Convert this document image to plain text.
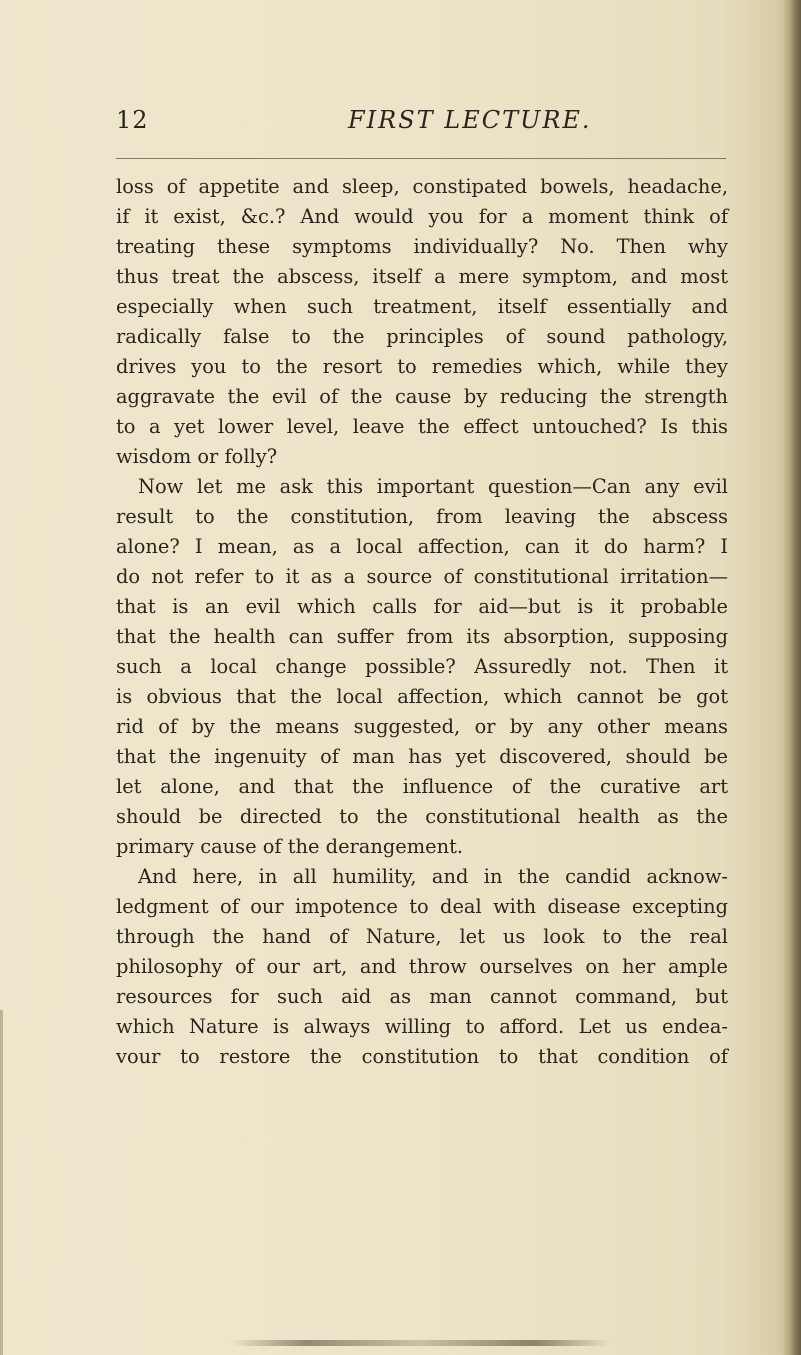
12	FIRST LECTURE.
loss of appetite and sleep, constipated bowels, headache,
if it exist, &c.? And would you for a moment think of
treating these symptoms individually? No. Then why
thus treat the abscess, itself a mere symptom, and most
especially when such treatment, itself essentially and
radically false to the principles of sound pathology,
drives you to the resort to remedies which, while they
aggravate the evil of the cause by reducing the strength
to a yet lower level, leave the effect untouched? Is this
wisdom or folly?
Now let me ask this important question—Can any evil
result to the constitution, from leaving the abscess
alone? I mean, as a local affection, can it do harm? I
do not refer to it as a source of constitutional irritation—
that is an evil which calls for aid—but is it probable
that the health can suffer from its absorption, supposing
such a local change possible? Assuredly not. Then it
is obvious that the local affection, which cannot be got
rid of by the means suggested, or by any other means
that the ingenuity of man has yet discovered, should be
let alone, and that the influence of the curative art
should be directed to the constitutional health as the
primary cause of the derangement.
And here, in all humility, and in the candid acknow-
ledgment of our impotence to deal with disease excepting
through the hand of Nature, let us look to the real
philosophy of our art, and throw ourselves on her ample
resources for such aid as man cannot command, but
which Nature is always willing to afford. Let us endea-
vour to restore the constitution to that condition of
